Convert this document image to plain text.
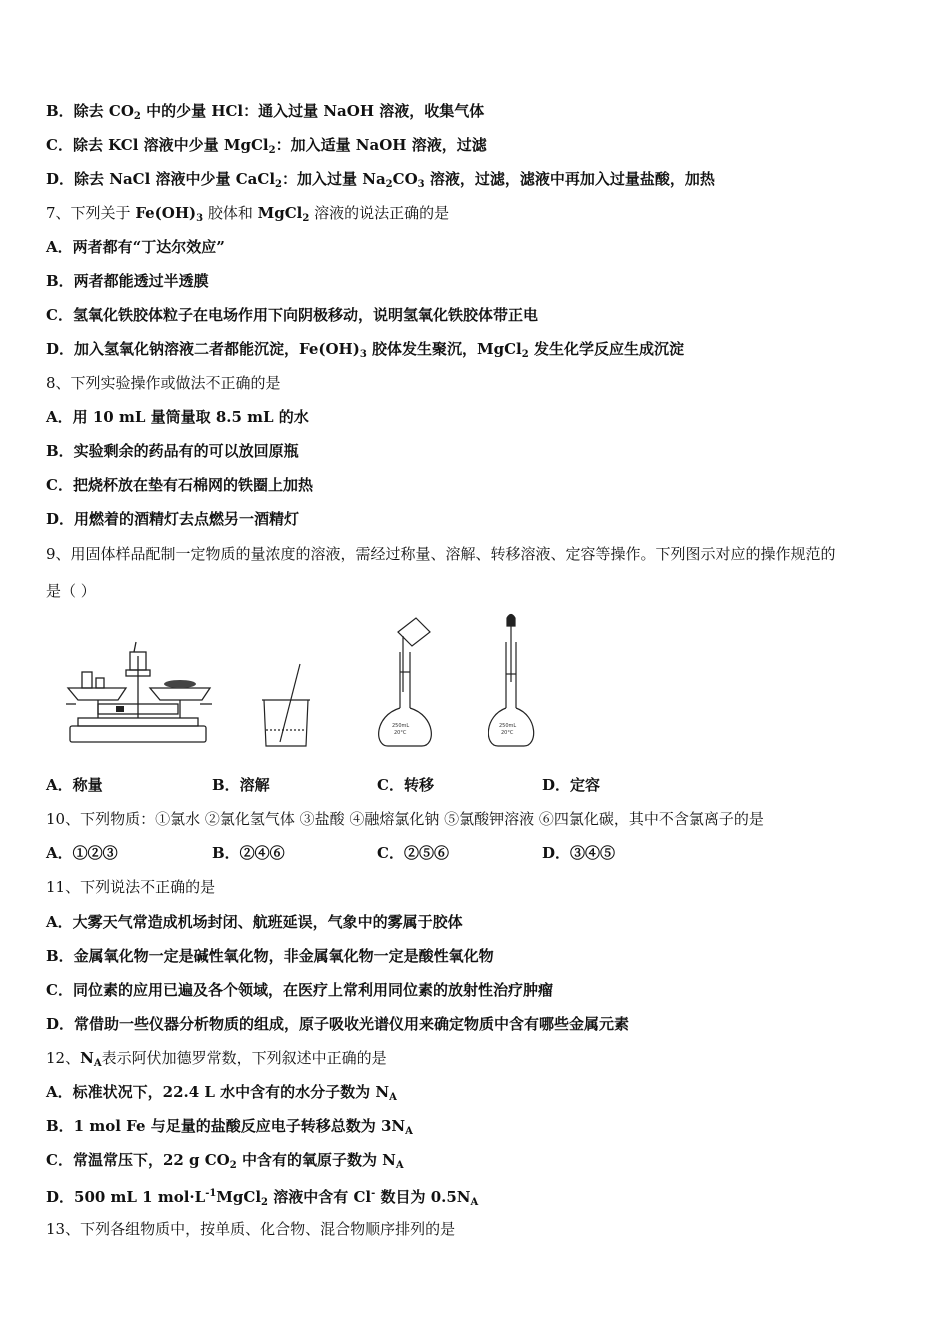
B．除去 $CO_2$ 中的少量 HCl：通入过量 NaOH 溶液，收集气体
C．除去 KCl 溶液中少量 MgCl$_2$：加入适量 NaOH 溶液，过滤
D．除去 NaCl 溶液中少量 CaCl$_2$：加入过量 $Na_2CO_3$ 溶液，过滤，滤液中再加入过量盐酸，加热
7、下列关于 $Fe(OH)_3$ 胶体和 MgCl$_2$ 溶液的说法正确的是
A．两者都有“丁达尔效应”
B．两者都能透过半透膜
C．氢氧化铁胶体粒子在电场作用下向阴极移动，说明氢氧化铁胶体带正电
D．加入氢氧化钠溶液二者都能沉淀，$Fe(OH)_3$ 胶体发生聚沉，MgCl$_2$ 发生化学反应生成沉淀
8、下列实验操作或做法不正确的是
A．用 10 mL 量筒量取 8.5 mL 的水
B．实验剩余的药品有的可以放回原瓶
C．把烧杯放在垫有石棉网的铁圈上加热
D．用燃着的酒精灯去点燃另一酒精灯
9、用固体样品配制一定物质的量浓度的溶液，需经过称量、溶解、转移溶液、定容等操作。下列图示对应的操作规范的
是（ ）
250mL
20°C
250mL
20°C
A．称量	B．溶解	C．转移	D．定容
10、下列物质：①氯水 ②氯化氢气体 ③盐酸 ④融熔氯化钠 ⑤氯酸钾溶液 ⑥四氯化碳，其中不含氯离子的是
A．①②③	B．②④⑥	C．②⑤⑥	D．③④⑤
11、下列说法不正确的是
A．大雾天气常造成机场封闭、航班延误，气象中的雾属于胶体
B．金属氧化物一定是碱性氧化物，非金属氧化物一定是酸性氧化物
C．同位素的应用已遍及各个领域，在医疗上常利用同位素的放射性治疗肿瘤
D．常借助一些仪器分析物质的组成，原子吸收光谱仪用来确定物质中含有哪些金属元素
12、$N_A$表示阿伏加德罗常数，下列叙述中正确的是
A．标准状况下，22.4 L 水中含有的水分子数为 $N_A$
B．1 mol Fe 与足量的盐酸反应电子转移总数为 $3N_A$
C．常温常压下，22 g $CO_2$ 中含有的氧原子数为 $N_A$
D．500 mL 1 $mol\cdot L^{-1}MgCl_2$ 溶液中含有 Cl- 数目为 $0.5N_A$
13、下列各组物质中，按单质、化合物、混合物顺序排列的是
